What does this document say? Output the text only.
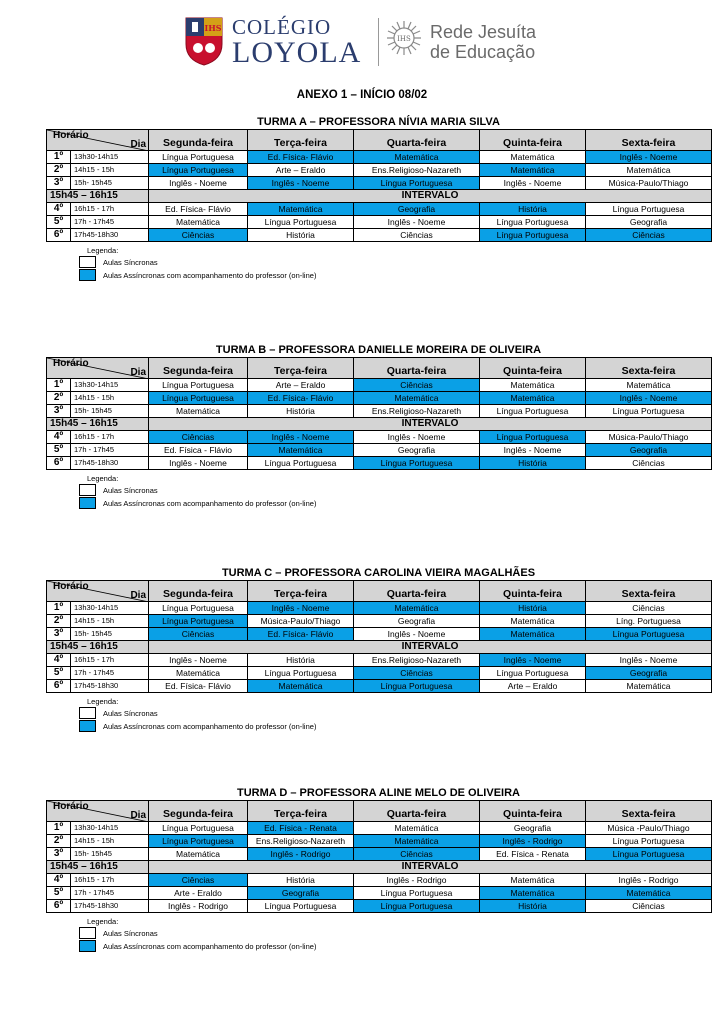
IHS COLÉGIO
LOYOLA	IHS Rede Jesuíta
de Educação
ANEXO 1 – INÍCIO 08/02
TURMA A – PROFESSORA NÍVIA MARIA SILVA
Horário
Dia		Segunda-feira	Terça-feira	Quarta-feira	Quinta-feira	Sexta-feira
1º	13h30-14h15	Língua Portuguesa	Ed. Física- Flávio	Matemática	Matemática	Inglês - Noeme
2º	14h15 - 15h	Língua Portuguesa	Arte – Eraldo	Ens.Religioso-Nazareth	Matemática	Matemática
3º	15h- 15h45	Inglês - Noeme	Inglês - Noeme	Língua Portuguesa	Inglês - Noeme	Música-Paulo/Thiago
15h45 – 16h15		INTERVALO				
4º	16h15 - 17h	Ed. Física- Flávio	Matemática	Geografia	História	Língua Portuguesa
5º	17h - 17h45	Matemática	Língua Portuguesa	Inglês - Noeme	Língua Portuguesa	Geografia
6º	17h45-18h30	Ciências	História	Ciências	Língua Portuguesa	Ciências
Legenda:
Aulas Síncronas
Aulas Assíncronas com acompanhamento do professor (on-line)
TURMA B – PROFESSORA DANIELLE MOREIRA DE OLIVEIRA
Horário
Dia		Segunda-feira	Terça-feira	Quarta-feira	Quinta-feira	Sexta-feira
1º	13h30-14h15	Língua Portuguesa	Arte – Eraldo	Ciências	Matemática	Matemática
2º	14h15 - 15h	Língua Portuguesa	Ed. Física- Flávio	Matemática	Matemática	Inglês - Noeme
3º	15h- 15h45	Matemática	História	Ens.Religioso-Nazareth	Língua Portuguesa	Língua Portuguesa
15h45 – 16h15		INTERVALO				
4º	16h15 - 17h	Ciências	Inglês - Noeme	Inglês - Noeme	Língua Portuguesa	Música-Paulo/Thiago
5º	17h - 17h45	Ed. Física - Flávio	Matemática	Geografia	Inglês - Noeme	Geografia
6º	17h45-18h30	Inglês - Noeme	Língua Portuguesa	Língua Portuguesa	História	Ciências
Legenda:
Aulas Síncronas
Aulas Assíncronas com acompanhamento do professor (on-line)
TURMA C – PROFESSORA CAROLINA VIEIRA MAGALHÃES
Horário
Dia		Segunda-feira	Terça-feira	Quarta-feira	Quinta-feira	Sexta-feira
1º	13h30-14h15	Língua Portuguesa	Inglês - Noeme	Matemática	História	Ciências
2º	14h15 - 15h	Língua Portuguesa	Música-Paulo/Thiago	Geografia	Matemática	Líng. Portuguesa
3º	15h- 15h45	Ciências	Ed. Física- Flávio	Inglês - Noeme	Matemática	Língua Portuguesa
15h45 – 16h15		INTERVALO				
4º	16h15 - 17h	Inglês - Noeme	História	Ens.Religioso-Nazareth	Inglês - Noeme	Inglês - Noeme
5º	17h - 17h45	Matemática	Língua Portuguesa	Ciências	Língua Portuguesa	Geografia
6º	17h45-18h30	Ed. Física- Flávio	Matemática	Língua Portuguesa	Arte – Eraldo	Matemática
Legenda:
Aulas Síncronas
Aulas Assíncronas com acompanhamento do professor (on-line)
TURMA D – PROFESSORA ALINE MELO DE OLIVEIRA
Horário
Dia		Segunda-feira	Terça-feira	Quarta-feira	Quinta-feira	Sexta-feira
1º	13h30-14h15	Língua Portuguesa	Ed. Física - Renata	Matemática	Geografia	Música -Paulo/Thiago
2º	14h15 - 15h	Língua Portuguesa	Ens.Religioso-Nazareth	Matemática	Inglês - Rodrigo	Língua Portuguesa
3º	15h- 15h45	Matemática	Inglês - Rodrigo	Ciências	Ed. Física - Renata	Língua Portuguesa
15h45 – 16h15		INTERVALO				
4º	16h15 - 17h	Ciências	História	Inglês - Rodrigo	Matemática	Inglês - Rodrigo
5º	17h - 17h45	Arte - Eraldo	Geografia	Língua Portuguesa	Matemática	Matemática
6º	17h45-18h30	Inglês - Rodrigo	Língua Portuguesa	Língua Portuguesa	História	Ciências
Legenda:
Aulas Síncronas
Aulas Assíncronas com acompanhamento do professor (on-line)
